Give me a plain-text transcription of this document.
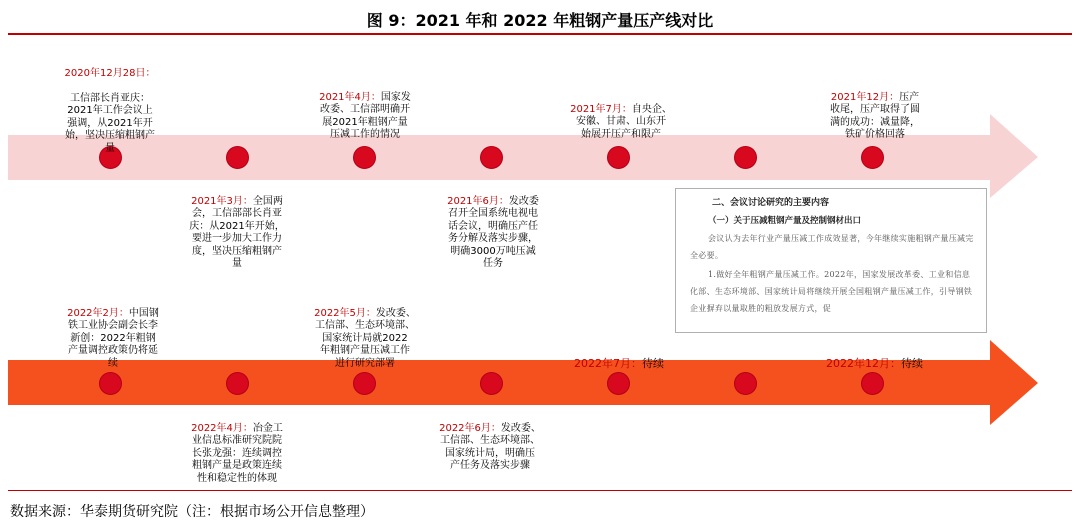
图 9：2021 年和 2022 年粗钢产量压产线对比

2020年12月28日：

工信部长肖亚庆：
2021年工作会议上
强调，从2021年开
始，坚决压缩粗钢产
量

2021年3月：全国两
会，工信部部长肖亚
庆：从2021年开始，
要进一步加大工作力
度，坚决压缩粗钢产
量

2021年4月：国家发
改委、工信部明确开
展2021年粗钢产量
压减工作的情况

2021年6月：发改委
召开全国系统电视电
话会议，明确压产任
务分解及落实步骤，
明确3000万吨压减
任务

2021年7月：自央企、
安徽、甘肃、山东开
始展开压产和限产

2021年12月：压产
收尾，压产取得了圆
满的成功：减量降，
铁矿价格回落

二、会议讨论研究的主要内容
（一）关于压减粗钢产量及控制钢材出口
会议认为去年行业产量压减工作成效显著，今年继续实施粗钢产量压减完全必要。
1.做好全年粗钢产量压减工作。2022年，国家发展改革委、工业和信息化部、生态环境部、国家统计局将继续开展全国粗钢产量压减工作，引导钢铁企业摒弃以量取胜的粗放发展方式，促

2022年2月：中国钢
铁工业协会副会长李
新创：2022年粗钢
产量调控政策仍将延
续

2022年4月：冶金工
业信息标准研究院院
长张龙强：连续调控
粗钢产量是政策连续
性和稳定性的体现

2022年5月：发改委、
工信部、生态环境部、
国家统计局就2022
年粗钢产量压减工作
进行研究部署

2022年6月：发改委、
工信部、生态环境部、
国家统计局，明确压
产任务及落实步骤

2022年7月：待续	2022年12月：待续

数据来源：华泰期货研究院（注：根据市场公开信息整理）
